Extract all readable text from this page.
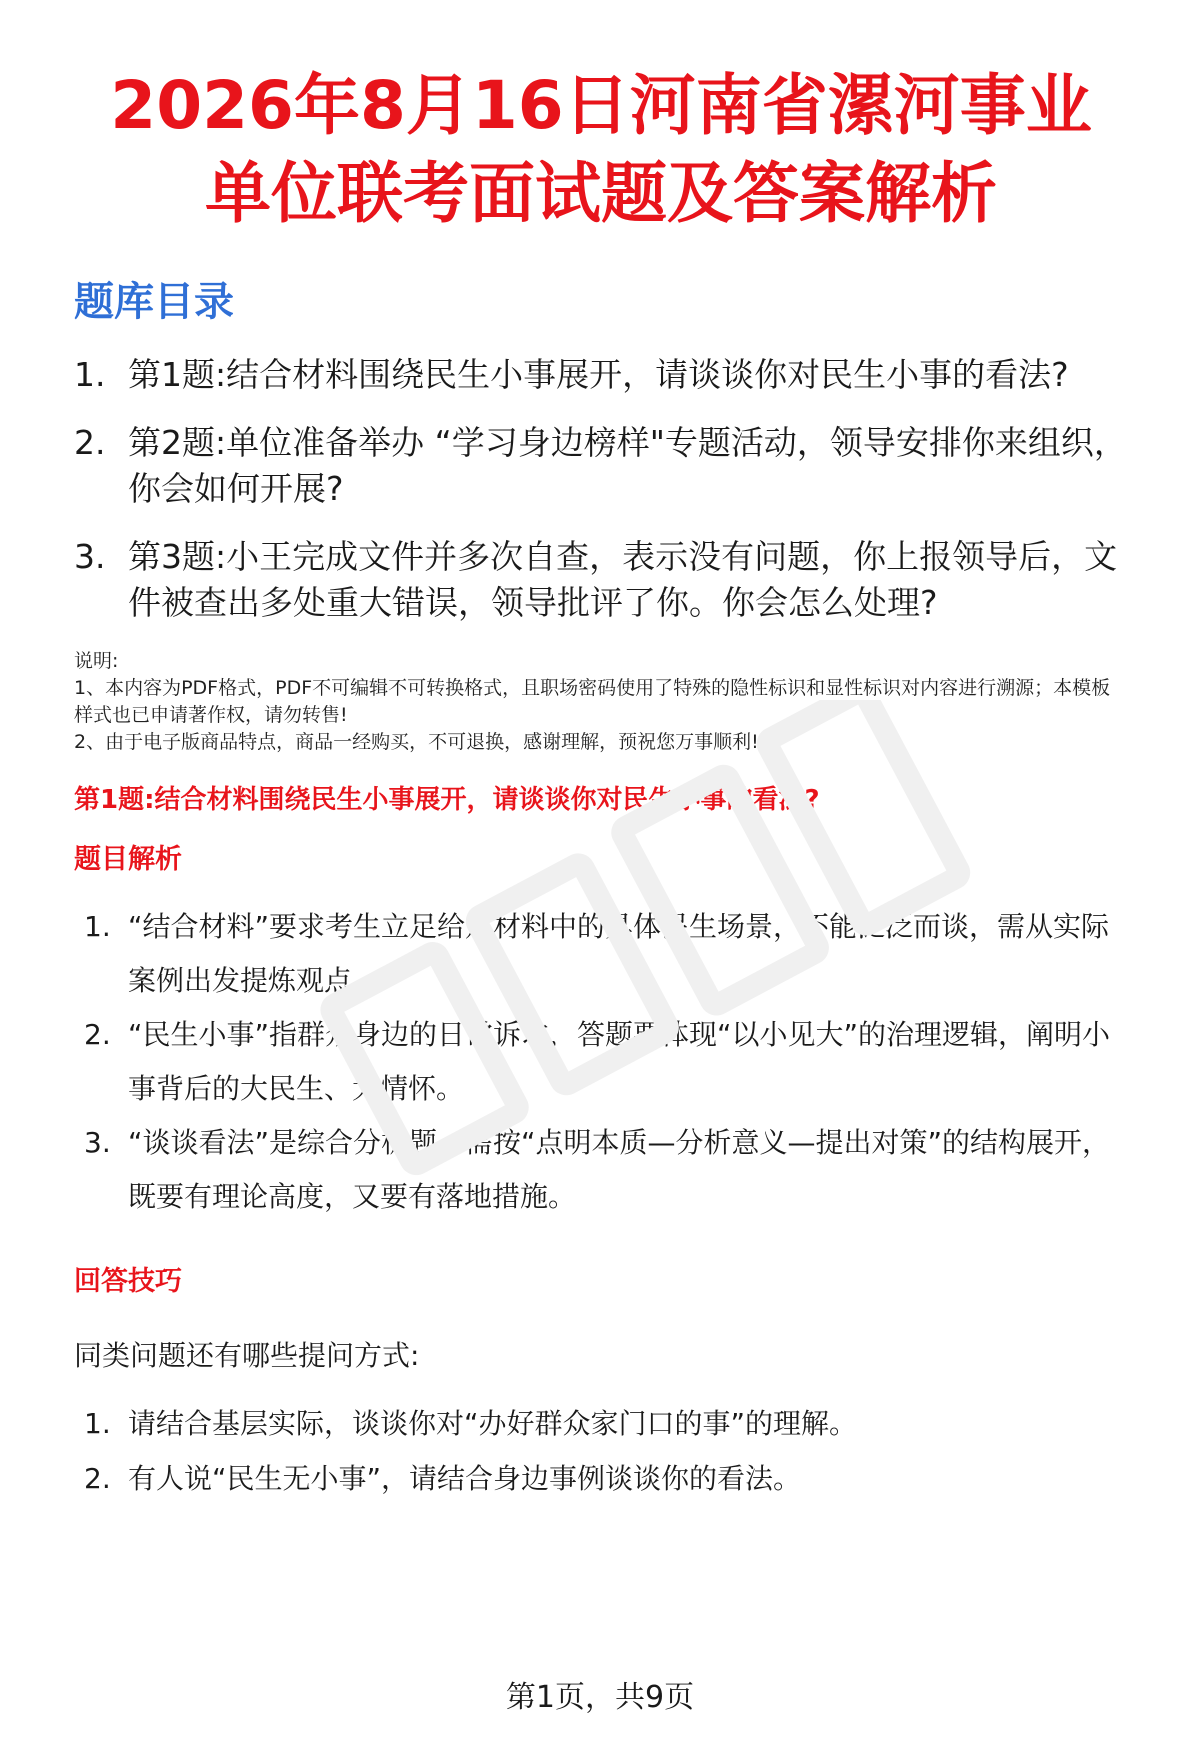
2026年8月16日河南省漯河事业单位联考面试题及答案解析
题库目录
1. 第1题:结合材料围绕民生小事展开，请谈谈你对民生小事的看法?
2. 第2题:单位准备举办 “学习身边榜样"专题活动，领导安排你来组织，你会如何开展?
3. 第3题:小王完成文件并多次自查，表示没有问题，你上报领导后，文件被查出多处重大错误，领导批评了你。你会怎么处理?
说明:
1、本内容为PDF格式，PDF不可编辑不可转换格式，且职场密码使用了特殊的隐性标识和显性标识对内容进行溯源；本模板样式也已申请著作权，请勿转售!
2、由于电子版商品特点，商品一经购买，不可退换，感谢理解，预祝您万事顺利!
第1题:结合材料围绕民生小事展开，请谈谈你对民生小事的看法?
题目解析
1. “结合材料”要求考生立足给定材料中的具体民生场景，不能泛泛而谈，需从实际案例出发提炼观点。
2. “民生小事”指群众身边的日常诉求，答题要体现“以小见大”的治理逻辑，阐明小事背后的大民生、大情怀。
3. “谈谈看法”是综合分析题，需按“点明本质—分析意义—提出对策”的结构展开，既要有理论高度，又要有落地措施。
回答技巧
同类问题还有哪些提问方式:
1. 请结合基层实际，谈谈你对“办好群众家门口的事”的理解。
2. 有人说“民生无小事”，请结合身边事例谈谈你的看法。
第1页，共9页
